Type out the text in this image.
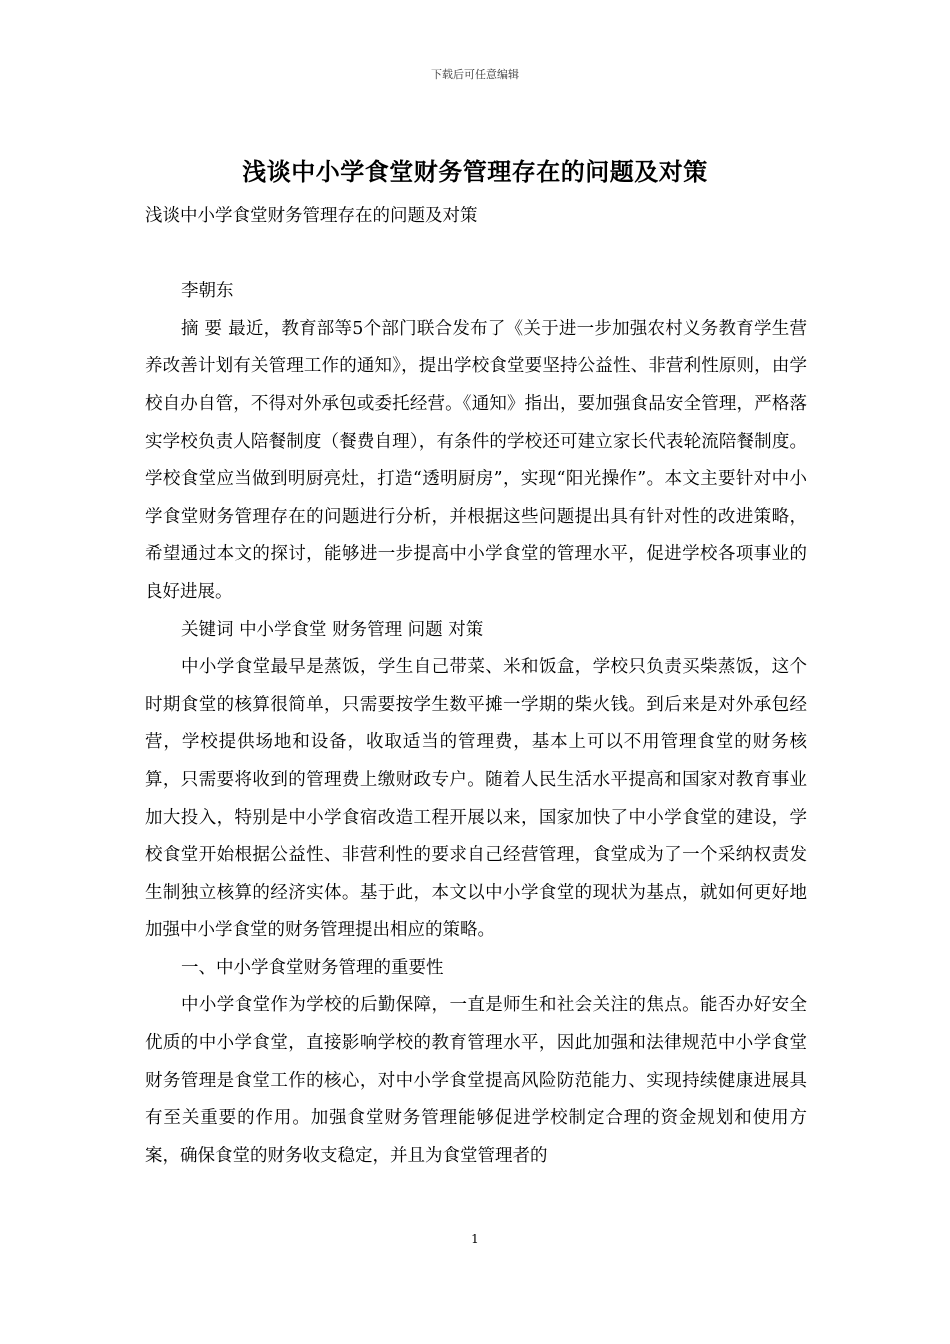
下载后可任意编辑
浅谈中小学食堂财务管理存在的问题及对策

浅谈中小学食堂财务管理存在的问题及对策

李朝东

摘 要 最近，教育部等5个部门联合发布了《关于进一步加强农村义务教育学生营养改善计划有关管理工作的通知》，提出学校食堂要坚持公益性、非营利性原则，由学校自办自管，不得对外承包或委托经营。《通知》指出，要加强食品安全管理，严格落实学校负责人陪餐制度（餐费自理），有条件的学校还可建立家长代表轮流陪餐制度。学校食堂应当做到明厨亮灶，打造“透明厨房”，实现“阳光操作”。本文主要针对中小学食堂财务管理存在的问题进行分析，并根据这些问题提出具有针对性的改进策略，希望通过本文的探讨，能够进一步提高中小学食堂的管理水平，促进学校各项事业的良好进展。

关键词 中小学食堂 财务管理 问题 对策

中小学食堂最早是蒸饭，学生自己带菜、米和饭盒，学校只负责买柴蒸饭，这个时期食堂的核算很简单，只需要按学生数平摊一学期的柴火钱。到后来是对外承包经营，学校提供场地和设备，收取适当的管理费，基本上可以不用管理食堂的财务核算，只需要将收到的管理费上缴财政专户。随着人民生活水平提高和国家对教育事业加大投入，特别是中小学食宿改造工程开展以来，国家加快了中小学食堂的建设，学校食堂开始根据公益性、非营利性的要求自己经营管理，食堂成为了一个采纳权责发生制独立核算的经济实体。基于此，本文以中小学食堂的现状为基点，就如何更好地加强中小学食堂的财务管理提出相应的策略。

一、中小学食堂财务管理的重要性

中小学食堂作为学校的后勤保障，一直是师生和社会关注的焦点。能否办好安全优质的中小学食堂，直接影响学校的教育管理水平，因此加强和法律规范中小学食堂财务管理是食堂工作的核心，对中小学食堂提高风险防范能力、实现持续健康进展具有至关重要的作用。加强食堂财务管理能够促进学校制定合理的资金规划和使用方案，确保食堂的财务收支稳定，并且为食堂管理者的

1
